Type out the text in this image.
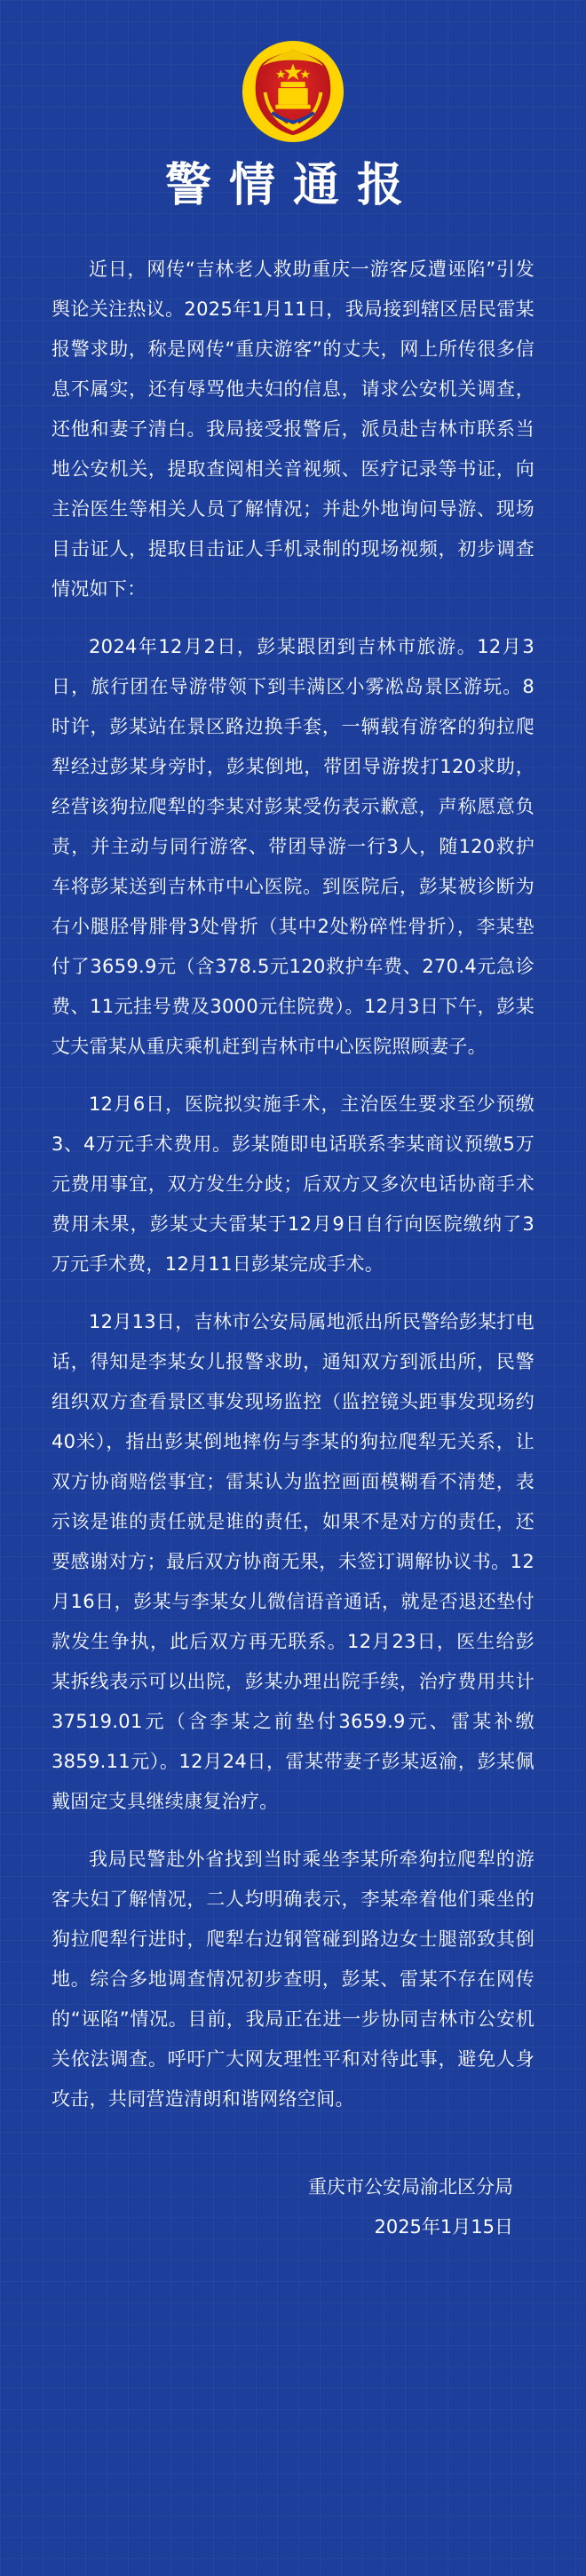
警情通报

近日，网传“吉林老人救助重庆一游客反遭诬陷”引发舆论关注热议。2025年1月11日，我局接到辖区居民雷某报警求助，称是网传“重庆游客”的丈夫，网上所传很多信息不属实，还有辱骂他夫妇的信息，请求公安机关调查，还他和妻子清白。我局接受报警后，派员赴吉林市联系当地公安机关，提取查阅相关音视频、医疗记录等书证，向主治医生等相关人员了解情况；并赴外地询问导游、现场目击证人，提取目击证人手机录制的现场视频，初步调查情况如下：

2024年12月2日，彭某跟团到吉林市旅游。12月3日，旅行团在导游带领下到丰满区小雾凇岛景区游玩。8时许，彭某站在景区路边换手套，一辆载有游客的狗拉爬犁经过彭某身旁时，彭某倒地，带团导游拨打120求助，经营该狗拉爬犁的李某对彭某受伤表示歉意，声称愿意负责，并主动与同行游客、带团导游一行3人，随120救护车将彭某送到吉林市中心医院。到医院后，彭某被诊断为右小腿胫骨腓骨3处骨折（其中2处粉碎性骨折），李某垫付了3659.9元（含378.5元120救护车费、270.4元急诊费、11元挂号费及3000元住院费）。12月3日下午，彭某丈夫雷某从重庆乘机赶到吉林市中心医院照顾妻子。

12月6日，医院拟实施手术，主治医生要求至少预缴3、4万元手术费用。彭某随即电话联系李某商议预缴5万元费用事宜，双方发生分歧；后双方又多次电话协商手术费用未果，彭某丈夫雷某于12月9日自行向医院缴纳了3万元手术费，12月11日彭某完成手术。

12月13日，吉林市公安局属地派出所民警给彭某打电话，得知是李某女儿报警求助，通知双方到派出所，民警组织双方查看景区事发现场监控（监控镜头距事发现场约40米），指出彭某倒地摔伤与李某的狗拉爬犁无关系，让双方协商赔偿事宜；雷某认为监控画面模糊看不清楚，表示该是谁的责任就是谁的责任，如果不是对方的责任，还要感谢对方；最后双方协商无果，未签订调解协议书。12月16日，彭某与李某女儿微信语音通话，就是否退还垫付款发生争执，此后双方再无联系。12月23日，医生给彭某拆线表示可以出院，彭某办理出院手续，治疗费用共计37519.01元（含李某之前垫付3659.9元、雷某补缴3859.11元）。12月24日，雷某带妻子彭某返渝，彭某佩戴固定支具继续康复治疗。

我局民警赴外省找到当时乘坐李某所牵狗拉爬犁的游客夫妇了解情况，二人均明确表示，李某牵着他们乘坐的狗拉爬犁行进时，爬犁右边钢管碰到路边女士腿部致其倒地。综合多地调查情况初步查明，彭某、雷某不存在网传的“诬陷”情况。目前，我局正在进一步协同吉林市公安机关依法调查。呼吁广大网友理性平和对待此事，避免人身攻击，共同营造清朗和谐网络空间。

重庆市公安局渝北区分局
2025年1月15日
